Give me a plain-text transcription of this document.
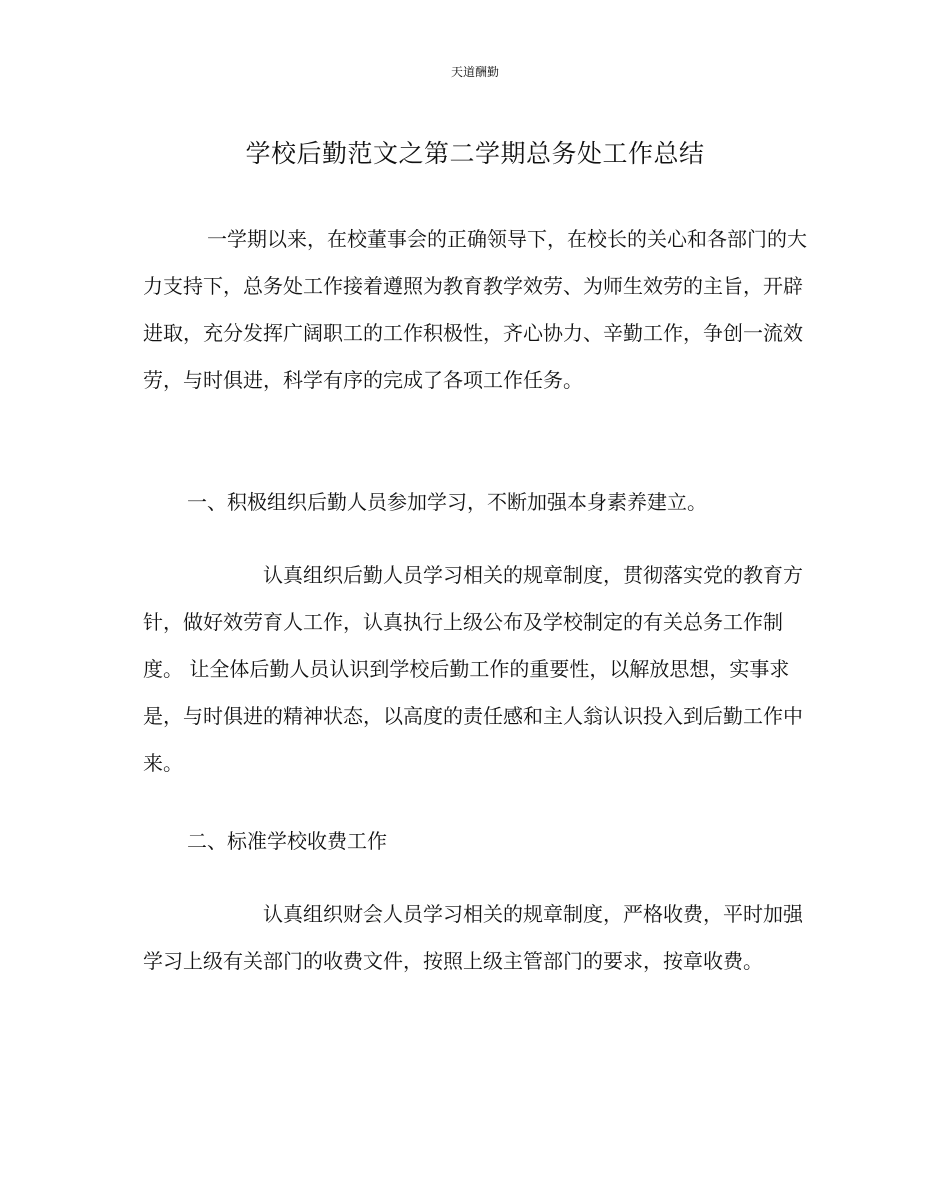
天道酬勤
学校后勤范文之第二学期总务处工作总结

一学期以来，在校董事会的正确领导下，在校长的关心和各部门的大力支持下，总务处工作接着遵照为教育教学效劳、为师生效劳的主旨，开辟进取，充分发挥广阔职工的工作积极性，齐心协力、辛勤工作，争创一流效劳，与时俱进，科学有序的完成了各项工作任务。

一、积极组织后勤人员参加学习，不断加强本身素养建立。

认真组织后勤人员学习相关的规章制度，贯彻落实党的教育方针，做好效劳育人工作，认真执行上级公布及学校制定的有关总务工作制度。 让全体后勤人员认识到学校后勤工作的重要性，以解放思想，实事求是，与时俱进的精神状态，以高度的责任感和主人翁认识投入到后勤工作中来。

二、标准学校收费工作

认真组织财会人员学习相关的规章制度，严格收费，平时加强学习上级有关部门的收费文件，按照上级主管部门的要求，按章收费。
